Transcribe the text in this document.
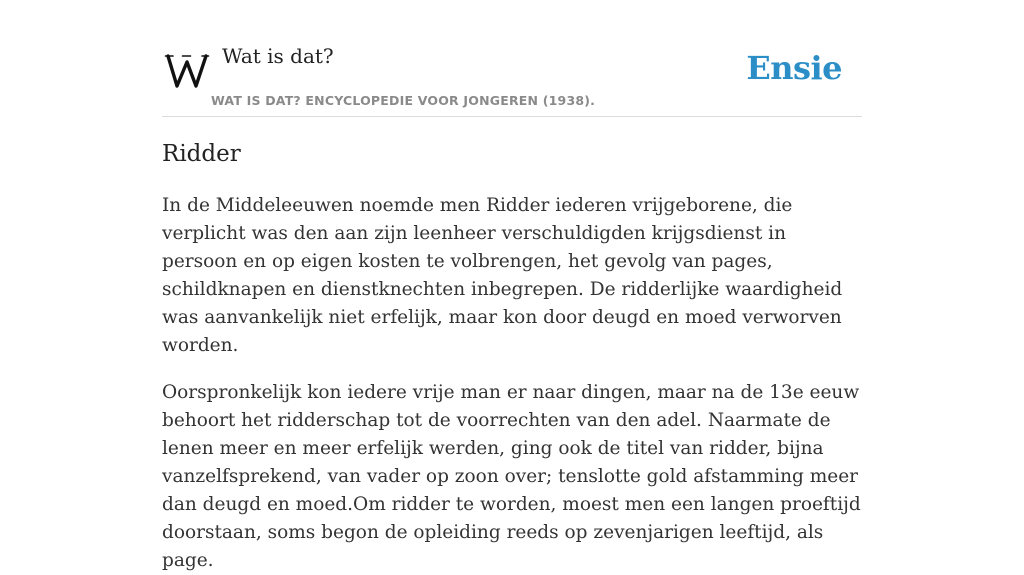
Wat is dat?
WAT IS DAT? ENCYCLOPEDIE VOOR JONGEREN (1938).
Ensie
Ridder

In de Middeleeuwen noemde men Ridder iederen vrijgeborene, die verplicht was den aan zijn leenheer verschuldigden krijgsdienst in persoon en op eigen kosten te volbrengen, het gevolg van pages, schildknapen en dienstknechten inbegrepen. De ridderlijke waardigheid was aanvankelijk niet erfelijk, maar kon door deugd en moed verworven worden.

Oorspronkelijk kon iedere vrije man er naar dingen, maar na de 13e eeuw behoort het ridderschap tot de voorrechten van den adel. Naarmate de lenen meer en meer erfelijk werden, ging ook de titel van ridder, bijna vanzelfsprekend, van vader op zoon over; tenslotte gold afstamming meer dan deugd en moed.Om ridder te worden, moest men een langen proeftijd doorstaan, soms begon de opleiding reeds op zevenjarigen leeftijd, als page.
